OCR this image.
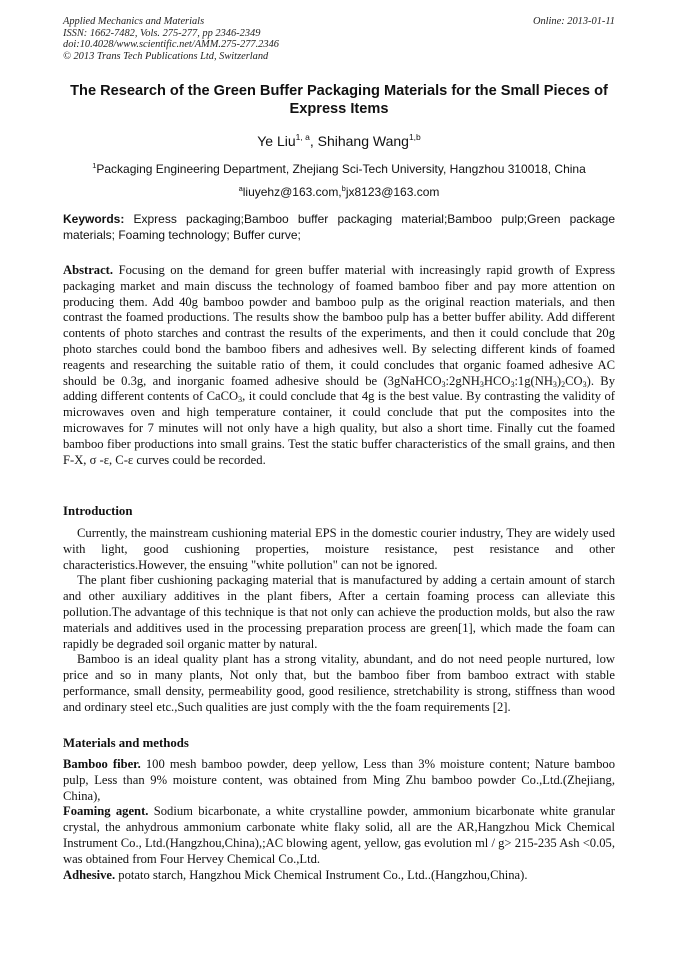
Applied Mechanics and Materials
ISSN: 1662-7482, Vols. 275-277, pp 2346-2349
doi:10.4028/www.scientific.net/AMM.275-277.2346
© 2013 Trans Tech Publications Ltd, Switzerland
Online: 2013-01-11
The Research of the Green Buffer Packaging Materials for the Small Pieces of Express Items
Ye Liu$^{1, a}$, Shihang Wang$^{1,b}$
$^1$Packaging Engineering Department, Zhejiang Sci-Tech University, Hangzhou 310018, China
$^a$liuyehz@163.com,$^b$jx8123@163.com
Keywords: Express packaging;Bamboo buffer packaging material;Bamboo pulp;Green package materials; Foaming technology; Buffer curve;

Abstract. Focusing on the demand for green buffer material with increasingly rapid growth of Express packaging market and main discuss the technology of foamed bamboo fiber and pay more attention on producing them. Add 40g bamboo powder and bamboo pulp as the original reaction materials, and then contrast the foamed productions. The results show the bamboo pulp has a better buffer ability. Add different contents of photo starches and contrast the results of the experiments, and then it could conclude that 20g photo starches could bond the bamboo fibers and adhesives well. By selecting different kinds of foamed reagents and researching the suitable ratio of them, it could concludes that organic foamed adhesive AC should be 0.3g, and inorganic foamed adhesive should be $(3gNaHCO_3:2gNH_3HCO_3:1g(NH_3)_2CO_3)$. By adding different contents of CaCO$_3$, it could conclude that 4g is the best value. By contrasting the validity of microwaves oven and high temperature container, it could conclude that put the composites into the microwaves for 7 minutes will not only have a high quality, but also a short time. Finally cut the foamed bamboo fiber productions into small grains. Test the static buffer characteristics of the small grains, and then F-X, σ -ε, C-ε curves could be recorded.

Introduction

Currently, the mainstream cushioning material EPS in the domestic courier industry, They are widely used with light, good cushioning properties, moisture resistance, pest resistance and other characteristics.However, the ensuing "white pollution" can not be ignored.

The plant fiber cushioning packaging material that is manufactured by adding a certain amount of starch and other auxiliary additives in the plant fibers, After a certain foaming process can alleviate this pollution.The advantage of this technique is that not only can achieve the production molds, but also the raw materials and additives used in the processing preparation process are green[1], which made the foam can rapidly be degraded soil organic matter by natural.

Bamboo is an ideal quality plant has a strong vitality, abundant, and do not need people nurtured, low price and so in many plants, Not only that, but the bamboo fiber from bamboo extract with stable performance, small density, permeability good, good resilience, stretchability is strong, stiffness than wood and ordinary steel etc.,Such qualities are just comply with the the foam requirements [2].

Materials and methods

Bamboo fiber. 100 mesh bamboo powder, deep yellow, Less than 3% moisture content; Nature bamboo pulp, Less than 9% moisture content, was obtained from Ming Zhu bamboo powder Co.,Ltd.(Zhejiang, China),

Foaming agent. Sodium bicarbonate, a white crystalline powder, ammonium bicarbonate white granular crystal, the anhydrous ammonium carbonate white flaky solid, all are the AR,Hangzhou Mick Chemical Instrument Co., Ltd.(Hangzhou,China),;AC blowing agent, yellow, gas evolution ml / g> 215-235 Ash <0.05, was obtained from Four Hervey Chemical Co.,Ltd.

Adhesive. potato starch, Hangzhou Mick Chemical Instrument Co., Ltd..(Hangzhou,China).
